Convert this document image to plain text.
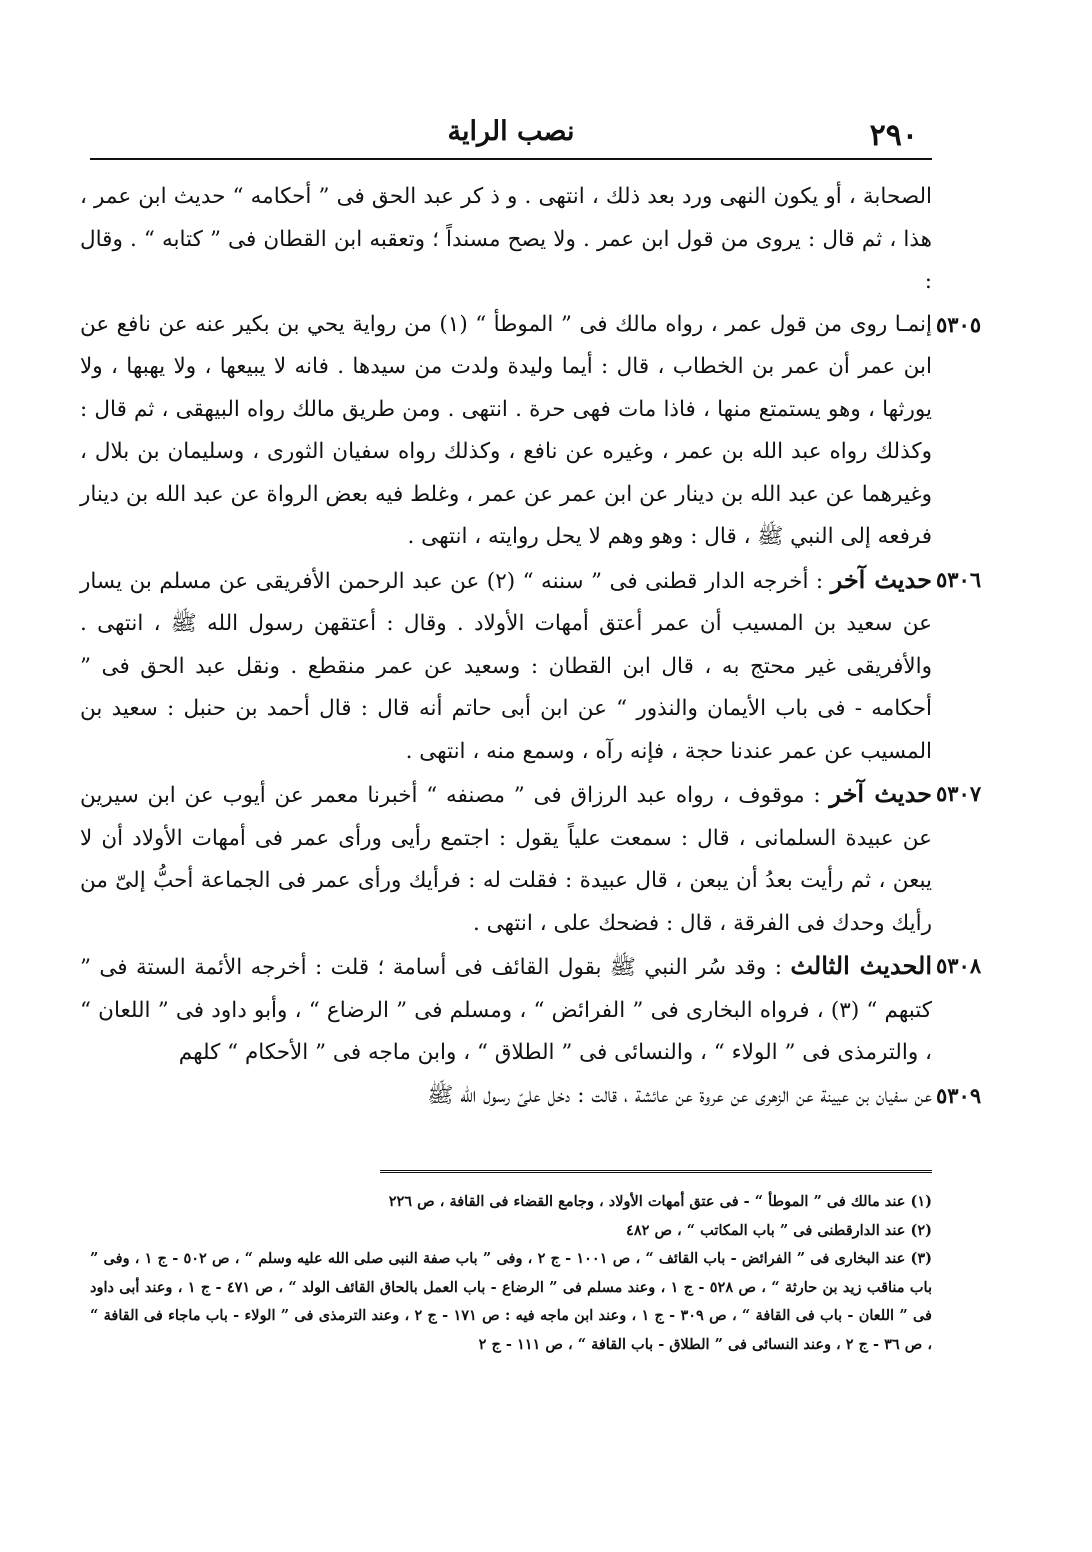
٢٩٠
نصب الراية

الصحابة ، أو يكون النهى ورد بعد ذلك ، انتهى . و ذ كر عبد الحق فى ” أحكامه “ حديث ابن عمر ، هذا ، ثم قال : يروى من قول ابن عمر . ولا يصح مسنداً ؛ وتعقبه ابن القطان فى ” كتابه “ . وقال :

٥٣٠٥
إنمـا روى من قول عمر ، رواه مالك فى ” الموطأ “ (١) من رواية يحي بن بكير عنه عن نافع عن ابن عمر أن عمر بن الخطاب ، قال : أيما وليدة ولدت من سيدها . فانه لا يبيعها ، ولا يهبها ، ولا يورثها ، وهو يستمتع منها ، فاذا مات فهى حرة . انتهى . ومن طريق مالك رواه البيهقى ، ثم قال : وكذلك رواه عبد الله بن عمر ، وغيره عن نافع ، وكذلك رواه سفيان الثورى ، وسليمان بن بلال ، وغيرهما عن عبد الله بن دينار عن ابن عمر عن عمر ، وغلط فيه بعض الرواة عن عبد الله بن دينار فرفعه إلى النبي ﷺ ، قال : وهو وهم لا يحل روايته ، انتهى .

٥٣٠٦
حديث آخر : أخرجه الدار قطنى فى ” سننه “ (٢) عن عبد الرحمن الأفريقى عن مسلم بن يسار عن سعيد بن المسيب أن عمر أعتق أمهات الأولاد . وقال : أعتقهن رسول الله ﷺ ، انتهى . والأفريقى غير محتج به ، قال ابن القطان : وسعيد عن عمر منقطع . ونقل عبد الحق فى ” أحكامه - فى باب الأيمان والنذور “ عن ابن أبى حاتم أنه قال : قال أحمد بن حنبل : سعيد بن المسيب عن عمر عندنا حجة ، فإنه رآه ، وسمع منه ، انتهى .

٥٣٠٧
حديث آخر : موقوف ، رواه عبد الرزاق فى ” مصنفه “ أخبرنا معمر عن أيوب عن ابن سيرين عن عبيدة السلمانى ، قال : سمعت علياً يقول : اجتمع رأيى ورأى عمر فى أمهات الأولاد أن لا يبعن ، ثم رأيت بعدُ أن يبعن ، قال عبيدة : فقلت له : فرأيك ورأى عمر فى الجماعة أحبُّ إلىّ من رأيك وحدك فى الفرقة ، قال : فضحك على ، انتهى .

٥٣٠٨
الحديث الثالث : وقد سُر النبي ﷺ بقول القائف فى أسامة ؛ قلت : أخرجه الأئمة الستة فى ” كتبهم “ (٣) ، فرواه البخارى فى ” الفرائض “ ، ومسلم فى ” الرضاع “ ، وأبو داود فى ” اللعان “ ، والترمذى فى ” الولاء “ ، والنسائى فى ” الطلاق “ ، وابن ماجه فى ” الأحكام “ كلهم

٥٣٠٩
عن سفيان بن عيينة عن الزهرى عن عروة عن عائشة ، قالت : دخل علىّ رسول الله ﷺ

(١) عند مالك فى ” الموطأ “ - فى عتق أمهات الأولاد ، وجامع القضاء فى القافة ، ص ٢٢٦

(٢) عند الدارقطنى فى ” باب المكاتب “ ، ص ٤٨٢

(٣) عند البخارى فى ” الفرائض - باب القائف “ ، ص ١٠٠١ - ج ٢ ، وفى ” باب صفة النبى صلى الله عليه وسلم “ ، ص ٥٠٢ - ج ١ ، وفى ” باب مناقب زيد بن حارثة “ ، ص ٥٢٨ - ج ١ ، وعند مسلم فى ” الرضاع - باب العمل بالحاق القائف الولد “ ، ص ٤٧١ - ج ١ ، وعند أبى داود فى ” اللعان - باب فى القافة “ ، ص ٣٠٩ - ج ١ ، وعند ابن ماجه فيه : ص ١٧١ - ج ٢ ، وعند الترمذى فى ” الولاء - باب ماجاء فى القافة “ ، ص ٣٦ - ج ٢ ، وعند النسائى فى ” الطلاق - باب القافة “ ، ص ١١١ - ج ٢
